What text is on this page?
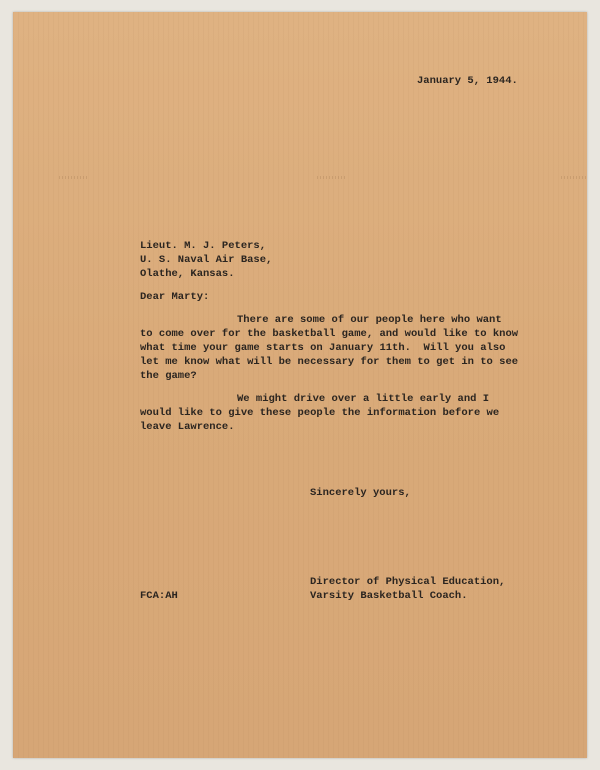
January 5, 1944.
Lieut. M. J. Peters,
U. S. Naval Air Base,
Olathe, Kansas.
Dear Marty:
There are some of our people here who want
to come over for the basketball game, and would like to know
what time your game starts on January 11th.  Will you also
let me know what will be necessary for them to get in to see
the game?
We might drive over a little early and I
would like to give these people the information before we
leave Lawrence.
Sincerely yours,
FCA:AH
Director of Physical Education,
Varsity Basketball Coach.
